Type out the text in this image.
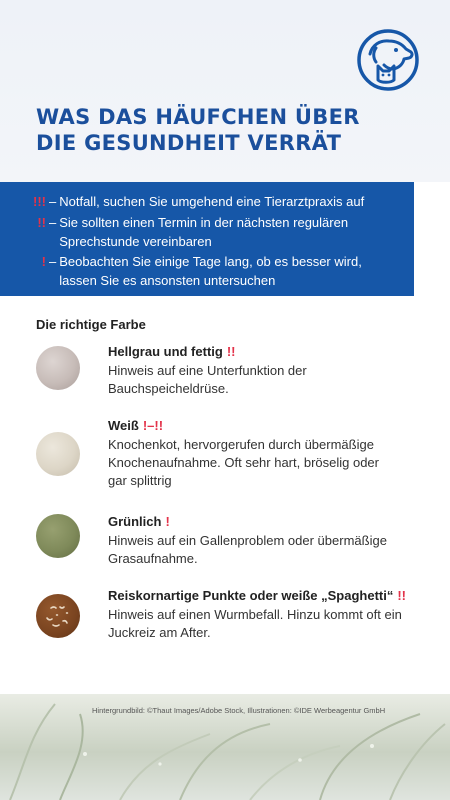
WAS DAS HÄUFCHEN ÜBER
DIE GESUNDHEIT VERRÄT
!!! – Notfall, suchen Sie umgehend eine Tierarztpraxis auf
!! – Sie sollten einen Termin in der nächsten regulären Sprechstunde vereinbaren
! – Beobachten Sie einige Tage lang, ob es besser wird, lassen Sie es ansonsten untersuchen
Die richtige Farbe
Hellgrau und fettig !!
Hinweis auf eine Unterfunktion der Bauchspeicheldrüse.
Weiß !–!!
Knochenkot, hervorgerufen durch übermäßige Knochenaufnahme. Oft sehr hart, bröselig oder gar splittrig
Grünlich !
Hinweis auf ein Gallenproblem oder übermäßige Grasaufnahme.
Reiskornartige Punkte oder weiße „Spaghetti“ !!
Hinweis auf einen Wurmbefall. Hinzu kommt oft ein Juckreiz am After.
Hintergrundbild: ©Thaut Images/Adobe Stock, Illustrationen: ©IDE Werbeagentur GmbH
